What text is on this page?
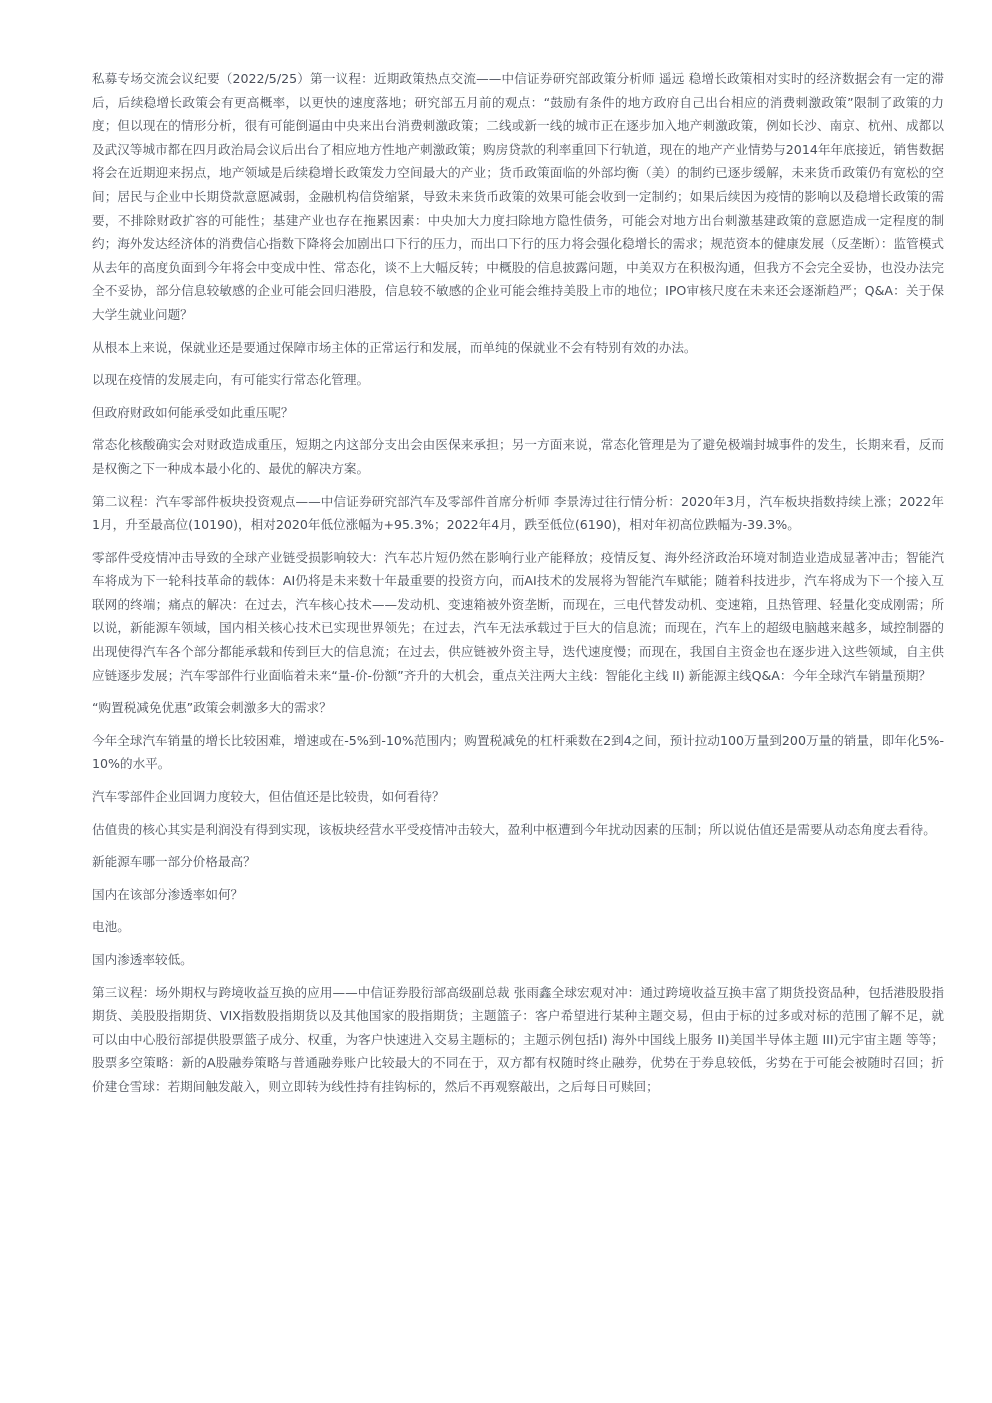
私募专场交流会议纪要（2022/5/25）第一议程：近期政策热点交流——中信证券研究部政策分析师 遥远 稳增长政策相对实时的经济数据会有一定的滞后，后续稳增长政策会有更高概率，以更快的速度落地；研究部五月前的观点：“鼓励有条件的地方政府自己出台相应的消费刺激政策”限制了政策的力度；但以现在的情形分析，很有可能倒逼由中央来出台消费刺激政策；二线或新一线的城市正在逐步加入地产刺激政策，例如长沙、南京、杭州、成都以及武汉等城市都在四月政治局会议后出台了相应地方性地产刺激政策；购房贷款的利率重回下行轨道，现在的地产产业情势与2014年年底接近，销售数据将会在近期迎来拐点，地产领域是后续稳增长政策发力空间最大的产业；货币政策面临的外部均衡（美）的制约已逐步缓解，未来货币政策仍有宽松的空间；居民与企业中长期贷款意愿减弱，金融机构信贷缩紧，导致未来货币政策的效果可能会收到一定制约；如果后续因为疫情的影响以及稳增长政策的需要，不排除财政扩容的可能性；基建产业也存在拖累因素：中央加大力度扫除地方隐性债务，可能会对地方出台刺激基建政策的意愿造成一定程度的制约；海外发达经济体的消费信心指数下降将会加剧出口下行的压力，而出口下行的压力将会强化稳增长的需求；规范资本的健康发展（反垄断）：监管模式从去年的高度负面到今年将会中变成中性、常态化，谈不上大幅反转；中概股的信息披露问题，中美双方在积极沟通，但我方不会完全妥协，也没办法完全不妥协，部分信息较敏感的企业可能会回归港股，信息较不敏感的企业可能会维持美股上市的地位；IPO审核尺度在未来还会逐渐趋严；Q&A：关于保大学生就业问题？

从根本上来说，保就业还是要通过保障市场主体的正常运行和发展，而单纯的保就业不会有特别有效的办法。

以现在疫情的发展走向，有可能实行常态化管理。

但政府财政如何能承受如此重压呢？

常态化核酸确实会对财政造成重压，短期之内这部分支出会由医保来承担；另一方面来说，常态化管理是为了避免极端封城事件的发生，长期来看，反而是权衡之下一种成本最小化的、最优的解决方案。

第二议程：汽车零部件板块投资观点——中信证券研究部汽车及零部件首席分析师 李景涛过往行情分析：2020年3月，汽车板块指数持续上涨；2022年1月，升至最高位(10190)，相对2020年低位涨幅为+95.3%；2022年4月，跌至低位(6190)，相对年初高位跌幅为-39.3%。

零部件受疫情冲击导致的全球产业链受损影响较大：汽车芯片短仍然在影响行业产能释放；疫情反复、海外经济政治环境对制造业造成显著冲击；智能汽车将成为下一轮科技革命的载体：AI仍将是未来数十年最重要的投资方向，而AI技术的发展将为智能汽车赋能；随着科技进步，汽车将成为下一个接入互联网的终端；痛点的解决：在过去，汽车核心技术——发动机、变速箱被外资垄断，而现在，三电代替发动机、变速箱，且热管理、轻量化变成刚需；所以说，新能源车领域，国内相关核心技术已实现世界领先；在过去，汽车无法承载过于巨大的信息流；而现在，汽车上的超级电脑越来越多，域控制器的出现使得汽车各个部分都能承载和传到巨大的信息流；在过去，供应链被外资主导，迭代速度慢；而现在，我国自主资金也在逐步进入这些领域，自主供应链逐步发展；汽车零部件行业面临着未来“量-价-份额”齐升的大机会，重点关注两大主线：智能化主线 II) 新能源主线Q&A：今年全球汽车销量预期？

“购置税减免优惠”政策会刺激多大的需求？

今年全球汽车销量的增长比较困难，增速或在-5%到-10%范围内；购置税减免的杠杆乘数在2到4之间，预计拉动100万量到200万量的销量，即年化5%-10%的水平。

汽车零部件企业回调力度较大，但估值还是比较贵，如何看待？

估值贵的核心其实是利润没有得到实现，该板块经营水平受疫情冲击较大，盈利中枢遭到今年扰动因素的压制；所以说估值还是需要从动态角度去看待。

新能源车哪一部分价格最高？

国内在该部分渗透率如何？

电池。

国内渗透率较低。

第三议程：场外期权与跨境收益互换的应用——中信证券股衍部高级副总裁 张雨鑫全球宏观对冲：通过跨境收益互换丰富了期货投资品种，包括港股股指期货、美股股指期货、VIX指数股指期货以及其他国家的股指期货；主题篮子：客户希望进行某种主题交易，但由于标的过多或对标的范围了解不足，就可以由中心股衍部提供股票篮子成分、权重，为客户快速进入交易主题标的；主题示例包括I) 海外中国线上服务 II)美国半导体主题 III)元宇宙主题 等等；股票多空策略：新的A股融券策略与普通融券账户比较最大的不同在于，双方都有权随时终止融券，优势在于券息较低，劣势在于可能会被随时召回；折价建仓雪球：若期间触发敲入，则立即转为线性持有挂钩标的，然后不再观察敲出，之后每日可赎回；
